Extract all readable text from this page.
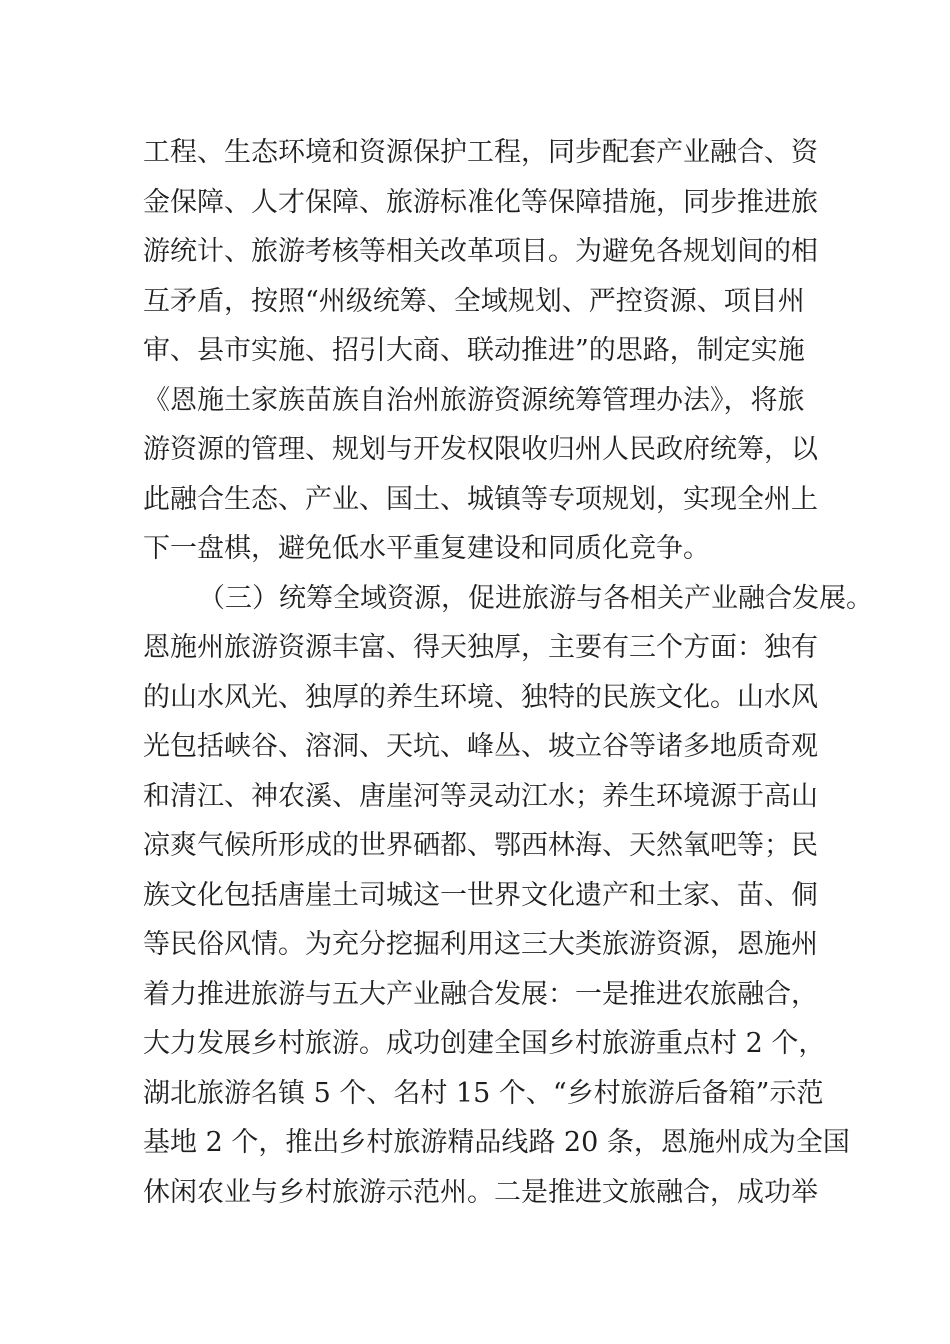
工程、生态环境和资源保护工程，同步配套产业融合、资
金保障、人才保障、旅游标准化等保障措施，同步推进旅
游统计、旅游考核等相关改革项目。为避免各规划间的相
互矛盾，按照“州级统筹、全域规划、严控资源、项目州
审、县市实施、招引大商、联动推进”的思路，制定实施
《恩施土家族苗族自治州旅游资源统筹管理办法》，将旅
游资源的管理、规划与开发权限收归州人民政府统筹，以
此融合生态、产业、国土、城镇等专项规划，实现全州上
下一盘棋，避免低水平重复建设和同质化竞争。
（三）统筹全域资源，促进旅游与各相关产业融合发展。
恩施州旅游资源丰富、得天独厚，主要有三个方面：独有
的山水风光、独厚的养生环境、独特的民族文化。山水风
光包括峡谷、溶洞、天坑、峰丛、坡立谷等诸多地质奇观
和清江、神农溪、唐崖河等灵动江水；养生环境源于高山
凉爽气候所形成的世界硒都、鄂西林海、天然氧吧等；民
族文化包括唐崖土司城这一世界文化遗产和土家、苗、侗
等民俗风情。为充分挖掘利用这三大类旅游资源，恩施州
着力推进旅游与五大产业融合发展：一是推进农旅融合，
大力发展乡村旅游。成功创建全国乡村旅游重点村 2 个，
湖北旅游名镇 5 个、名村 15 个、“乡村旅游后备箱”示范
基地 2 个，推出乡村旅游精品线路 20 条，恩施州成为全国
休闲农业与乡村旅游示范州。二是推进文旅融合，成功举
